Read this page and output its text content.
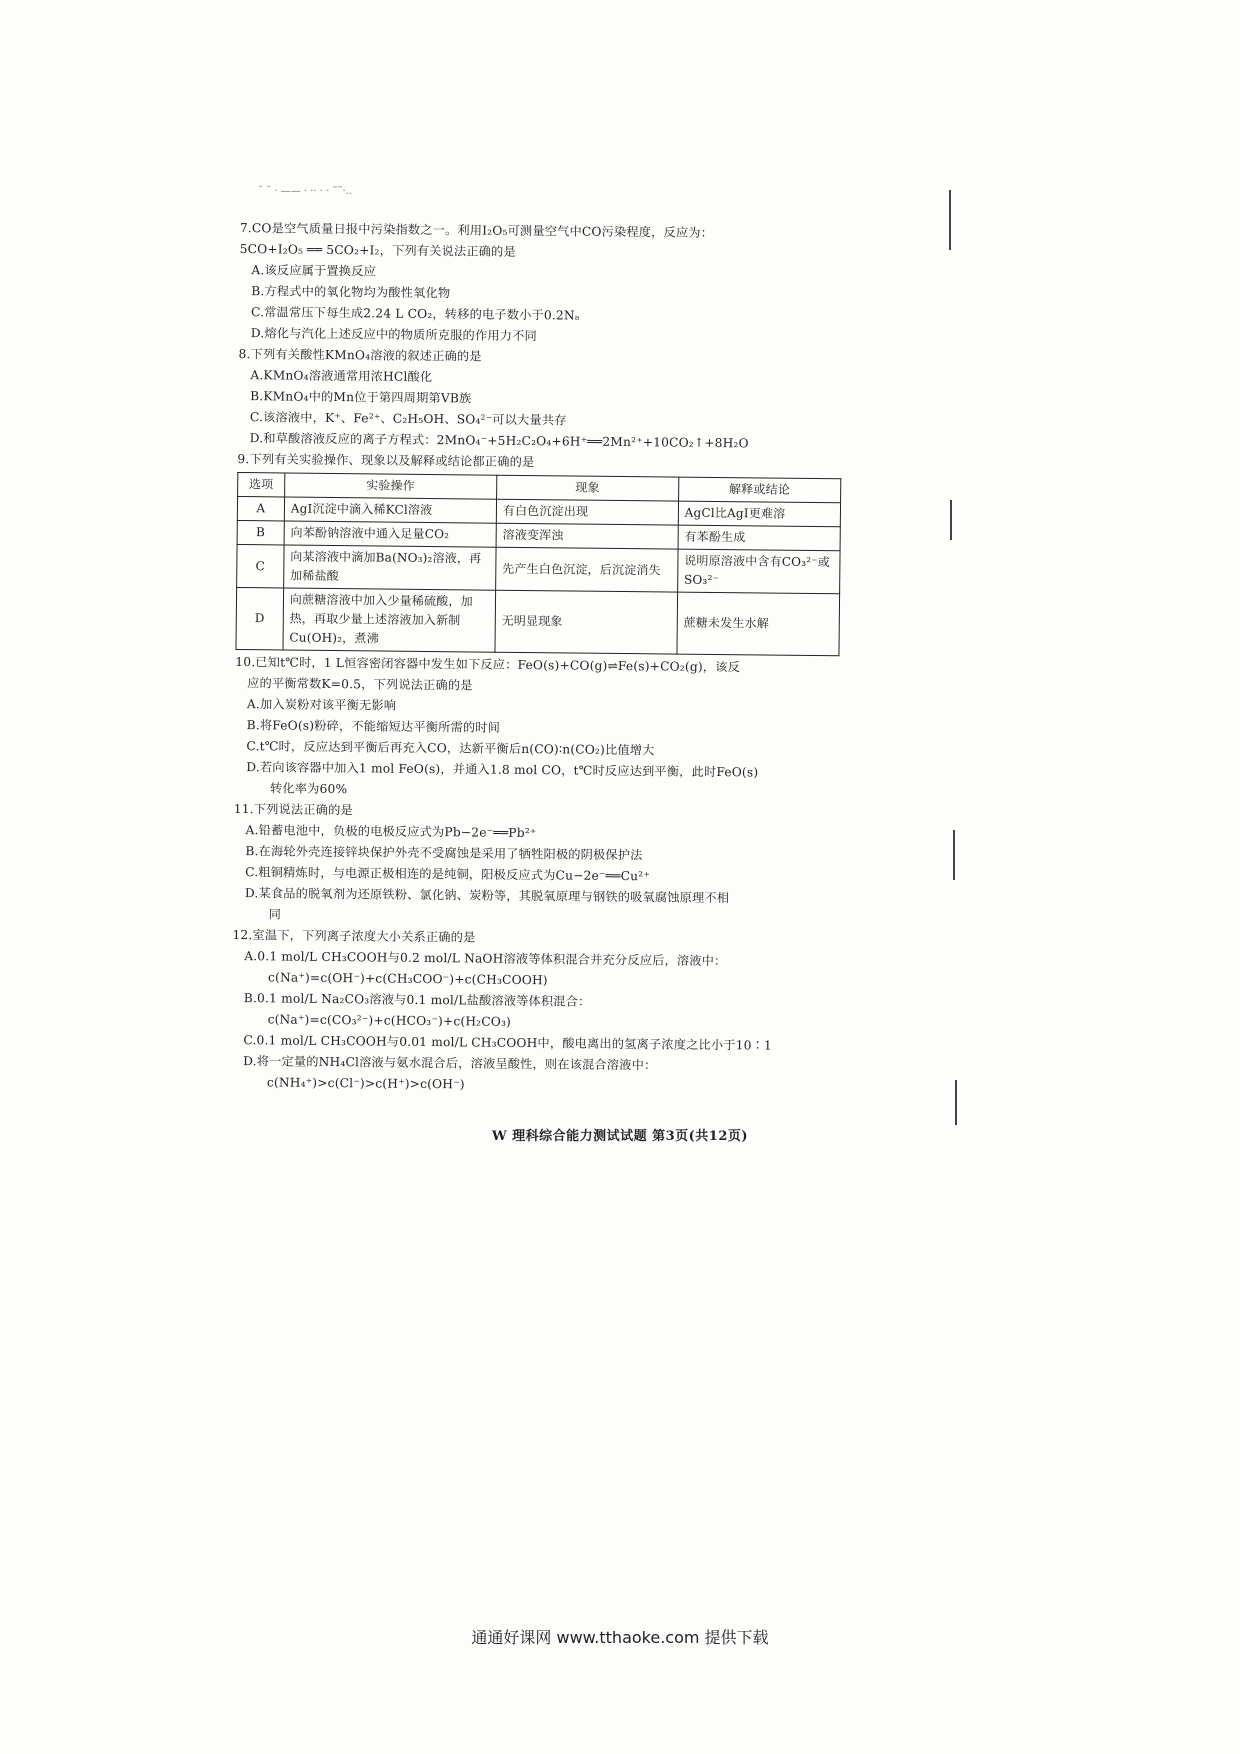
˘ ˘ · —— · ·· · · ˜˜·..

7.CO是空气质量日报中污染指数之一。利用I₂O₅可测量空气中CO污染程度，反应为：

5CO+I₂O₅ ══ 5CO₂+I₂，下列有关说法正确的是

A.该反应属于置换反应

B.方程式中的氧化物均为酸性氧化物

C.常温常压下每生成2.24 L CO₂，转移的电子数小于0.2Nₐ

D.熔化与汽化上述反应中的物质所克服的作用力不同

8.下列有关酸性KMnO₄溶液的叙述正确的是

A.KMnO₄溶液通常用浓HCl酸化

B.KMnO₄中的Mn位于第四周期第VB族

C.该溶液中，K⁺、Fe²⁺、C₂H₅OH、SO₄²⁻可以大量共存

D.和草酸溶液反应的离子方程式：2MnO₄⁻+5H₂C₂O₄+6H⁺══2Mn²⁺+10CO₂↑+8H₂O

9.下列有关实验操作、现象以及解释或结论都正确的是

选项	实验操作	现象	解释或结论
A	AgI沉淀中滴入稀KCl溶液	有白色沉淀出现	AgCl比AgI更难溶
B	向苯酚钠溶液中通入足量CO₂	溶液变浑浊	有苯酚生成
C	向某溶液中滴加Ba(NO₃)₂溶液，再加稀盐酸	先产生白色沉淀，后沉淀消失	说明原溶液中含有CO₃²⁻或SO₃²⁻
D	向蔗糖溶液中加入少量稀硫酸，加热，再取少量上述溶液加入新制Cu(OH)₂，煮沸	无明显现象	蔗糖未发生水解

10.已知t℃时，1 L恒容密闭容器中发生如下反应：FeO(s)+CO(g)⇌Fe(s)+CO₂(g)，该反

应的平衡常数K=0.5，下列说法正确的是

A.加入炭粉对该平衡无影响

B.将FeO(s)粉碎，不能缩短达平衡所需的时间

C.t℃时，反应达到平衡后再充入CO，达新平衡后n(CO)∶n(CO₂)比值增大

D.若向该容器中加入1 mol FeO(s)，并通入1.8 mol CO，t℃时反应达到平衡，此时FeO(s)

转化率为60%

11.下列说法正确的是

A.铅蓄电池中，负极的电极反应式为Pb−2e⁻══Pb²⁺

B.在海轮外壳连接锌块保护外壳不受腐蚀是采用了牺牲阳极的阴极保护法

C.粗铜精炼时，与电源正极相连的是纯铜，阳极反应式为Cu−2e⁻══Cu²⁺

D.某食品的脱氧剂为还原铁粉、氯化钠、炭粉等，其脱氧原理与钢铁的吸氧腐蚀原理不相

同

12.室温下，下列离子浓度大小关系正确的是

A.0.1 mol/L CH₃COOH与0.2 mol/L NaOH溶液等体积混合并充分反应后，溶液中：

c(Na⁺)=c(OH⁻)+c(CH₃COO⁻)+c(CH₃COOH)

B.0.1 mol/L Na₂CO₃溶液与0.1 mol/L盐酸溶液等体积混合：

c(Na⁺)=c(CO₃²⁻)+c(HCO₃⁻)+c(H₂CO₃)

C.0.1 mol/L CH₃COOH与0.01 mol/L CH₃COOH中，酸电离出的氢离子浓度之比小于10∶1

D.将一定量的NH₄Cl溶液与氨水混合后，溶液呈酸性，则在该混合溶液中：

c(NH₄⁺)>c(Cl⁻)>c(H⁺)>c(OH⁻)

W 理科综合能力测试试题 第3页(共12页)
通通好课网 www.tthaoke.com 提供下载
